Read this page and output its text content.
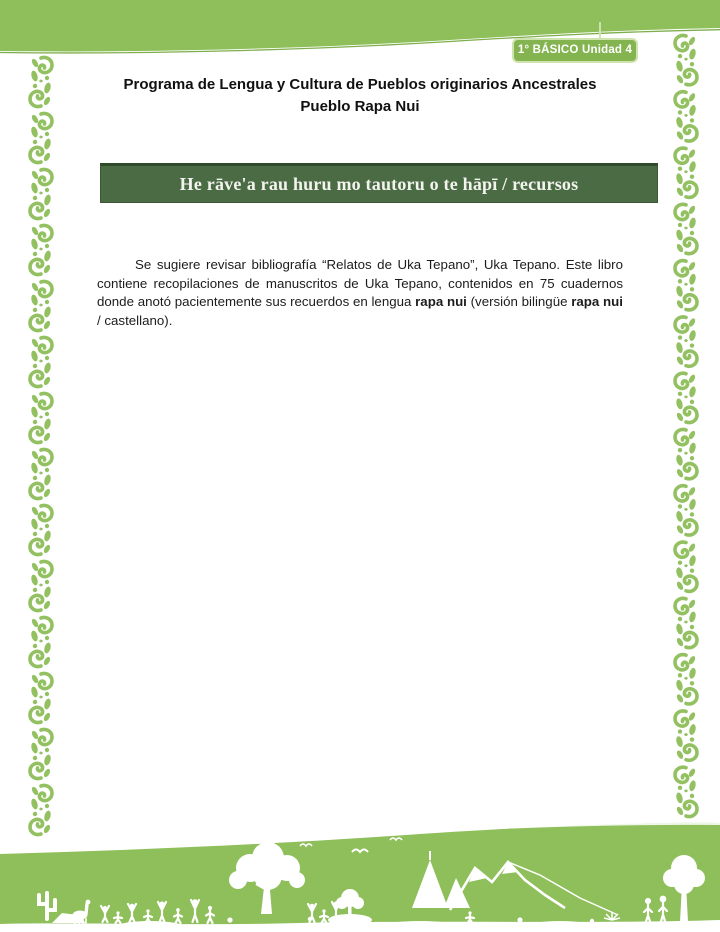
1° BÁSICO Unidad 4
Programa de Lengua y Cultura de Pueblos originarios Ancestrales
Pueblo Rapa Nui
He rāve'a rau huru mo tautoru o te hāpī / recursos

Se sugiere revisar bibliografía “Relatos de Uka Tepano”, Uka Tepano. Este libro contiene recopilaciones de manuscritos de Uka Tepano, contenidos en 75 cuadernos donde anotó pacientemente sus recuerdos en lengua rapa nui (versión bilingüe rapa nui / castellano).
